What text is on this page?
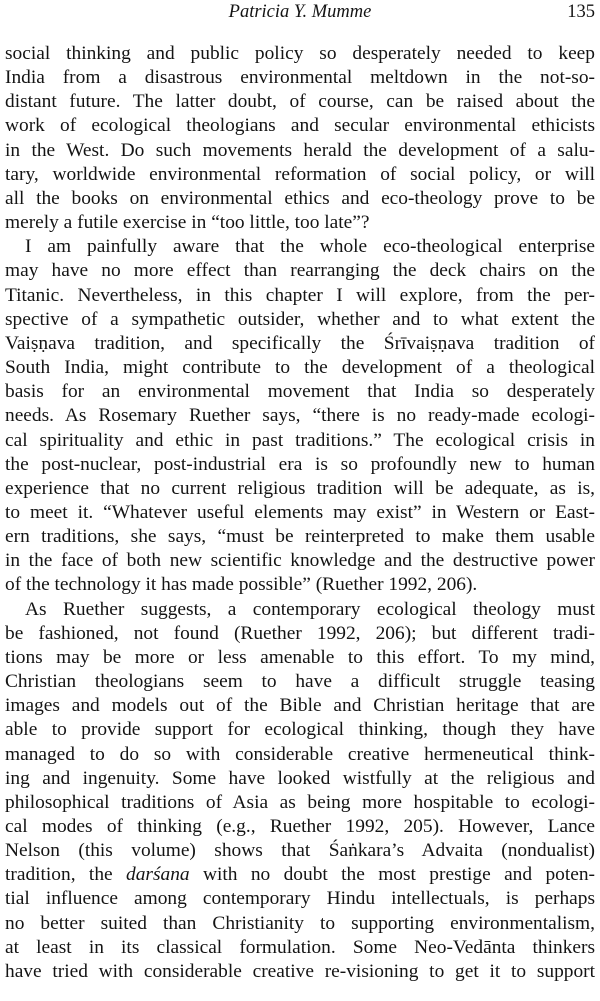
Patricia Y. Mumme	135

social thinking and public policy so desperately needed to keep
India from a disastrous environmental meltdown in the not-so-
distant future. The latter doubt, of course, can be raised about the
work of ecological theologians and secular environmental ethicists
in the West. Do such movements herald the development of a salu-
tary, worldwide environmental reformation of social policy, or will
all the books on environmental ethics and eco-theology prove to be
merely a futile exercise in “too little, too late”?

I am painfully aware that the whole eco-theological enterprise
may have no more effect than rearranging the deck chairs on the
Titanic. Nevertheless, in this chapter I will explore, from the per-
spective of a sympathetic outsider, whether and to what extent the
Vaiṣṇava tradition, and specifically the Śrīvaiṣṇava tradition of
South India, might contribute to the development of a theological
basis for an environmental movement that India so desperately
needs. As Rosemary Ruether says, “there is no ready-made ecologi-
cal spirituality and ethic in past traditions.” The ecological crisis in
the post-nuclear, post-industrial era is so profoundly new to human
experience that no current religious tradition will be adequate, as is,
to meet it. “Whatever useful elements may exist” in Western or East-
ern traditions, she says, “must be reinterpreted to make them usable
in the face of both new scientific knowledge and the destructive power
of the technology it has made possible” (Ruether 1992, 206).

As Ruether suggests, a contemporary ecological theology must
be fashioned, not found (Ruether 1992, 206); but different tradi-
tions may be more or less amenable to this effort. To my mind,
Christian theologians seem to have a difficult struggle teasing
images and models out of the Bible and Christian heritage that are
able to provide support for ecological thinking, though they have
managed to do so with considerable creative hermeneutical think-
ing and ingenuity. Some have looked wistfully at the religious and
philosophical traditions of Asia as being more hospitable to ecologi-
cal modes of thinking (e.g., Ruether 1992, 205). However, Lance
Nelson (this volume) shows that Śaṅkara’s Advaita (nondualist)
tradition, the darśana with no doubt the most prestige and poten-
tial influence among contemporary Hindu intellectuals, is perhaps
no better suited than Christianity to supporting environmentalism,
at least in its classical formulation. Some Neo-Vedānta thinkers
have tried with considerable creative re-visioning to get it to support
